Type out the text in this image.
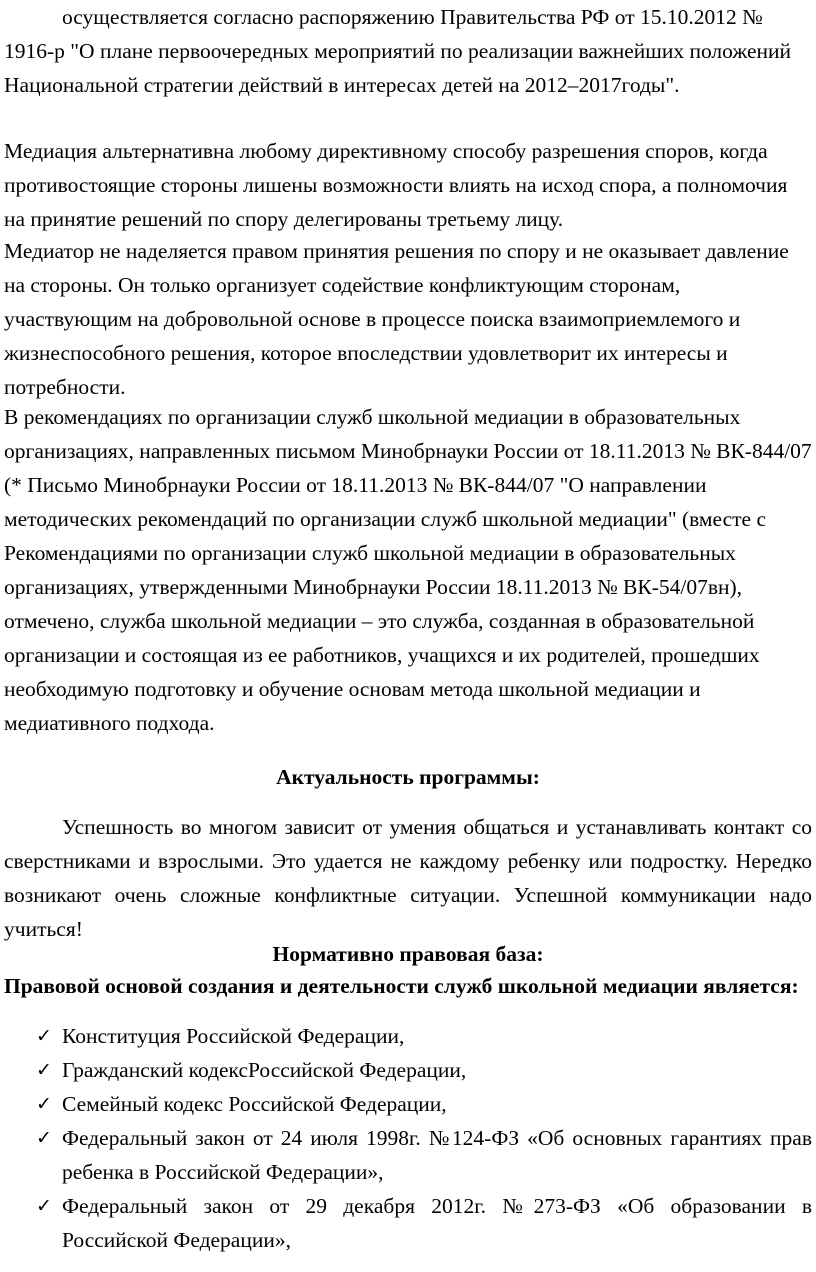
осуществляется согласно распоряжению Правительства РФ от 15.10.2012 № 1916-р "О плане первоочередных мероприятий по реализации важнейших положений Национальной стратегии действий в интересах детей на 2012–2017годы".

Медиация альтернативна любому директивному способу разрешения споров, когда противостоящие стороны лишены возможности влиять на исход спора, а полномочия на принятие решений по спору делегированы третьему лицу.

Медиатор не наделяется правом принятия решения по спору и не оказывает давление на стороны. Он только организует содействие конфликтующим сторонам, участвующим на добровольной основе в процессе поиска взаимоприемлемого и жизнеспособного решения, которое впоследствии удовлетворит их интересы и потребности.

В рекомендациях по организации служб школьной медиации в образовательных организациях, направленных письмом Минобрнауки России от 18.11.2013 № ВК-844/07 (* Письмо Минобрнауки России от 18.11.2013 № ВК-844/07 "О направлении методических рекомендаций по организации служб школьной медиации" (вместе с Рекомендациями по организации служб школьной медиации в образовательных организациях, утвержденными Минобрнауки России 18.11.2013 № ВК-54/07вн), отмечено, служба школьной медиации – это служба, созданная в образовательной организации и состоящая из ее работников, учащихся и их родителей, прошедших необходимую подготовку и обучение основам метода школьной медиации и медиативного подхода.

Актуальность программы:

Успешность во многом зависит от умения общаться и устанавливать контакт со сверстниками и взрослыми. Это удается не каждому ребенку или подростку. Нередко возникают очень сложные конфликтные ситуации. Успешной коммуникации надо учиться!

Нормативно правовая база:

Правовой основой создания и деятельности служб школьной медиации является:

✓ Конституция Российской Федерации,
✓ Гражданский кодексРоссийской Федерации,
✓ Семейный кодекс Российской Федерации,
✓ Федеральный закон от 24 июля 1998г. №124-ФЗ «Об основных гарантиях прав ребенка в Российской Федерации»,
✓ Федеральный закон от 29 декабря 2012г. №273-ФЗ «Об образовании в Российской Федерации»,
